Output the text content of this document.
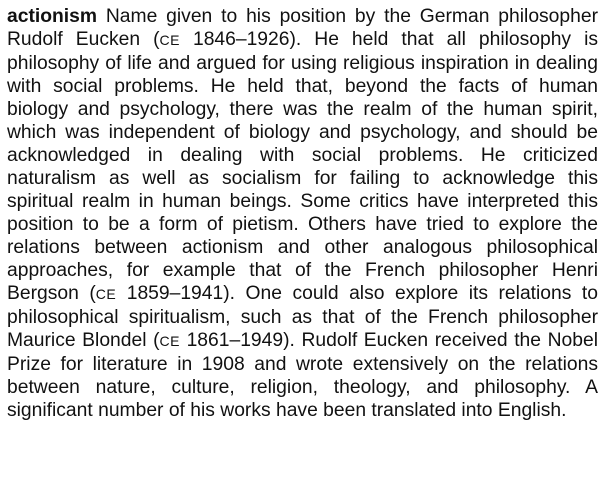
actionism Name given to his position by the German philosopher Rudolf Eucken (CE 1846–1926). He held that all philosophy is philosophy of life and argued for using religious inspiration in dealing with social problems. He held that, beyond the facts of human biology and psychology, there was the realm of the human spirit, which was independent of biology and psychology, and should be acknowledged in dealing with social problems. He criticized naturalism as well as socialism for failing to acknowledge this spiritual realm in human beings. Some critics have interpreted this position to be a form of pietism. Others have tried to explore the relations between actionism and other analogous philosophical approaches, for example that of the French philosopher Henri Bergson (CE 1859–1941). One could also explore its relations to philosophical spiritualism, such as that of the French philosopher Maurice Blondel (CE 1861–1949). Rudolf Eucken received the Nobel Prize for literature in 1908 and wrote extensively on the relations between nature, culture, religion, theology, and philosophy. A significant number of his works have been translated into English.
